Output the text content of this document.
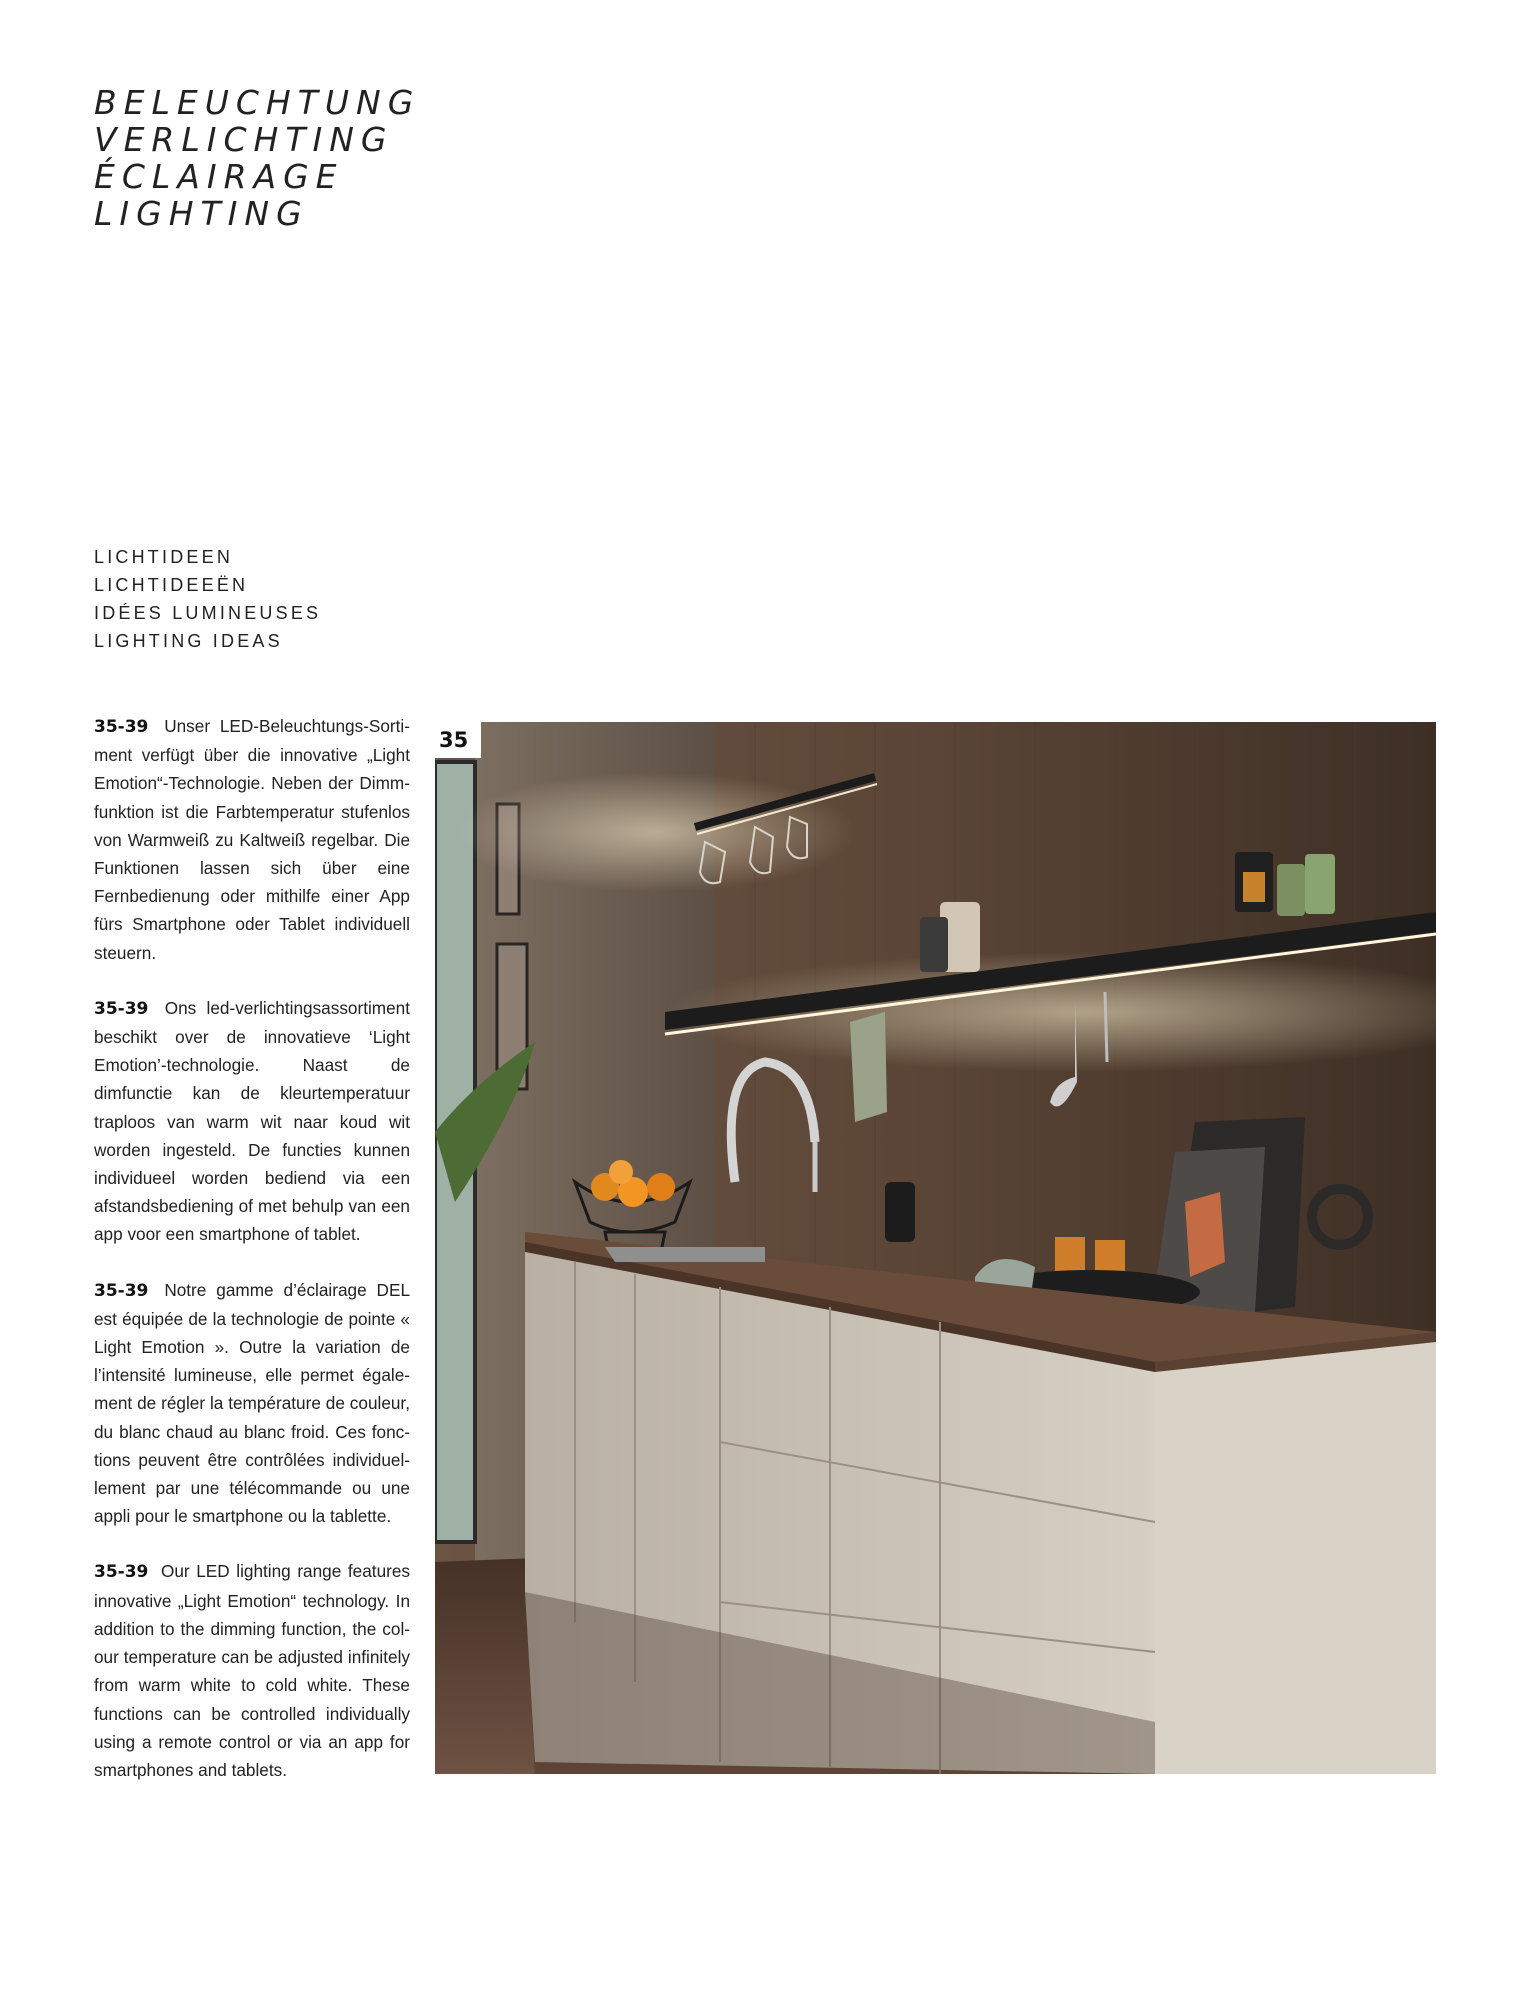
BELEUCHTUNG
VERLICHTING
ÉCLAIRAGE
LIGHTING
LICHTIDEEN
LICHTIDEEËN
IDÉES LUMINEUSES
LIGHTING IDEAS

35-39 Unser LED-Beleuchtungs-Sortiment verfügt über die innovative „Light Emotion“-Technologie. Neben der Dimmfunktion ist die Farbtemperatur stufenlos von Warmweiß zu Kaltweiß regelbar. Die Funktionen lassen sich über eine Fernbedienung oder mithilfe einer App fürs Smartphone oder Tablet individuell steuern.

35-39 Ons led-verlichtingsassortiment beschikt over de innovatieve ‘Light Emotion’-technologie. Naast de dimfunctie kan de kleurtemperatuur traploos van warm wit naar koud wit worden ingesteld. De functies kunnen individueel worden bediend via een afstandsbediening of met behulp van een app voor een smartphone of tablet.

35-39 Notre gamme d’éclairage DEL est équipée de la technologie de pointe « Light Emotion ». Outre la variation de l’intensité lumineuse, elle permet également de régler la température de couleur, du blanc chaud au blanc froid. Ces fonctions peuvent être contrôlées individuellement par une télécommande ou une appli pour le smartphone ou la tablette.

35-39 Our LED lighting range features innovative „Light Emotion“ technology. In addition to the dimming function, the colour temperature can be adjusted infinitely from warm white to cold white. These functions can be controlled individually using a remote control or via an app for smartphones and tablets.

35
